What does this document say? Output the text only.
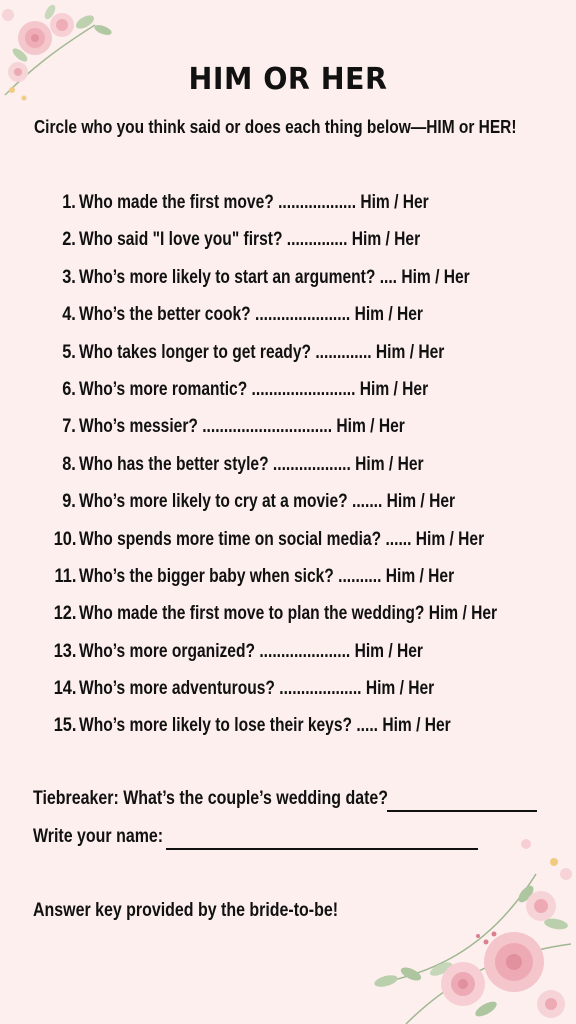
HIM OR HER
Circle who you think said or does each thing below—HIM or HER!
1. Who made the first move? .................. Him / Her
2. Who said "I love you" first? .............. Him / Her
3. Who’s more likely to start an argument? .... Him / Her
4. Who’s the better cook? ...................... Him / Her
5. Who takes longer to get ready? ............. Him / Her
6. Who’s more romantic? ........................ Him / Her
7. Who’s messier? .............................. Him / Her
8. Who has the better style? .................. Him / Her
9. Who’s more likely to cry at a movie? ....... Him / Her
10. Who spends more time on social media? ...... Him / Her
11. Who’s the bigger baby when sick? .......... Him / Her
12. Who made the first move to plan the wedding? Him / Her
13. Who’s more organized? ..................... Him / Her
14. Who’s more adventurous? ................... Him / Her
15. Who’s more likely to lose their keys? ..... Him / Her
Tiebreaker: What’s the couple’s wedding date?
Write your name:
Answer key provided by the bride-to-be!
